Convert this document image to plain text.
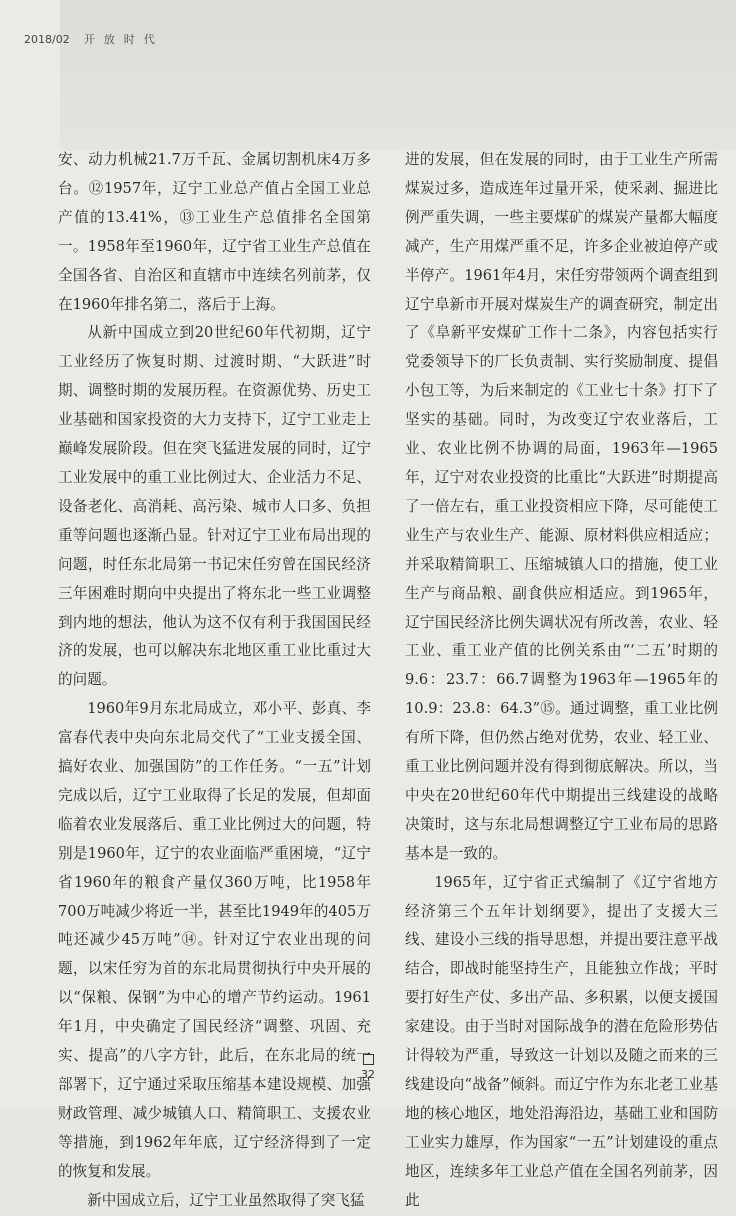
2018/02 开放时代

安、动力机械21.7万千瓦、金属切割机床4万多台。⑫1957年，辽宁工业总产值占全国工业总产值的13.41%，⑬工业生产总值排名全国第一。1958年至1960年，辽宁省工业生产总值在全国各省、自治区和直辖市中连续名列前茅，仅在1960年排名第二，落后于上海。

从新中国成立到20世纪60年代初期，辽宁工业经历了恢复时期、过渡时期、“大跃进”时期、调整时期的发展历程。在资源优势、历史工业基础和国家投资的大力支持下，辽宁工业走上巅峰发展阶段。但在突飞猛进发展的同时，辽宁工业发展中的重工业比例过大、企业活力不足、设备老化、高消耗、高污染、城市人口多、负担重等问题也逐渐凸显。针对辽宁工业布局出现的问题，时任东北局第一书记宋任穷曾在国民经济三年困难时期向中央提出了将东北一些工业调整到内地的想法，他认为这不仅有利于我国国民经济的发展，也可以解决东北地区重工业比重过大的问题。

1960年9月东北局成立，邓小平、彭真、李富春代表中央向东北局交代了“工业支援全国、搞好农业、加强国防”的工作任务。“一五”计划完成以后，辽宁工业取得了长足的发展，但却面临着农业发展落后、重工业比例过大的问题，特别是1960年，辽宁的农业面临严重困境，“辽宁省1960年的粮食产量仅360万吨，比1958年700万吨减少将近一半，甚至比1949年的405万吨还减少45万吨”⑭。针对辽宁农业出现的问题，以宋任穷为首的东北局贯彻执行中央开展的以“保粮、保钢”为中心的增产节约运动。1961年1月，中央确定了国民经济“调整、巩固、充实、提高”的八字方针，此后，在东北局的统一部署下，辽宁通过采取压缩基本建设规模、加强财政管理、减少城镇人口、精简职工、支援农业等措施，到1962年年底，辽宁经济得到了一定的恢复和发展。

新中国成立后，辽宁工业虽然取得了突飞猛

进的发展，但在发展的同时，由于工业生产所需煤炭过多，造成连年过量开采，使采剥、掘进比例严重失调，一些主要煤矿的煤炭产量都大幅度减产，生产用煤严重不足，许多企业被迫停产或半停产。1961年4月，宋任穷带领两个调查组到辽宁阜新市开展对煤炭生产的调查研究，制定出了《阜新平安煤矿工作十二条》，内容包括实行党委领导下的厂长负责制、实行奖励制度、提倡小包工等，为后来制定的《工业七十条》打下了坚实的基础。同时，为改变辽宁农业落后，工业、农业比例不协调的局面，1963年—1965年，辽宁对农业投资的比重比“大跃进”时期提高了一倍左右，重工业投资相应下降，尽可能使工业生产与农业生产、能源、原材料供应相适应；并采取精简职工、压缩城镇人口的措施，使工业生产与商品粮、副食供应相适应。到1965年，辽宁国民经济比例失调状况有所改善，农业、轻工业、重工业产值的比例关系由“‘二五’时期的9.6：23.7：66.7调整为1963年—1965年的10.9：23.8：64.3”⑮。通过调整，重工业比例有所下降，但仍然占绝对优势，农业、轻工业、重工业比例问题并没有得到彻底解决。所以，当中央在20世纪60年代中期提出三线建设的战略决策时，这与东北局想调整辽宁工业布局的思路基本是一致的。

1965年，辽宁省正式编制了《辽宁省地方经济第三个五年计划纲要》，提出了支援大三线、建设小三线的指导思想，并提出要注意平战结合，即战时能坚持生产，且能独立作战；平时要打好生产仗、多出产品、多积累，以便支援国家建设。由于当时对国际战争的潜在危险形势估计得较为严重，导致这一计划以及随之而来的三线建设向“战备”倾斜。而辽宁作为东北老工业基地的核心地区，地处沿海沿边，基础工业和国防工业实力雄厚，作为国家“一五”计划建设的重点地区，连续多年工业总产值在全国名列前茅，因此

32
